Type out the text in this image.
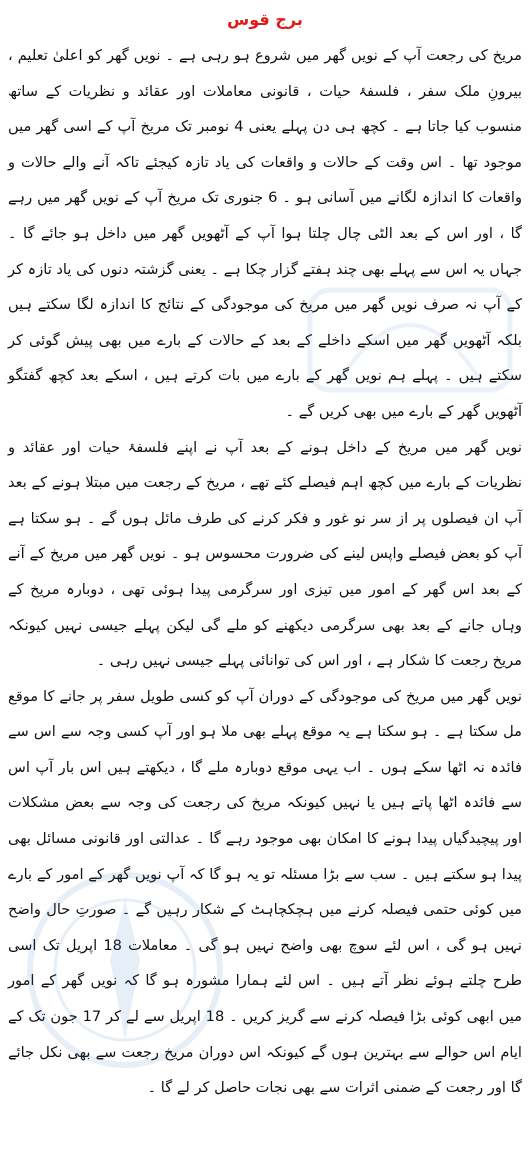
برج قوس

مریخ کی رجعت آپ کے نویں گھر میں شروع ہو رہی ہے ۔ نویں گھر کو اعلیٰ تعلیم ، بیرونِ ملک سفر ، فلسفۂ حیات ، قانونی معاملات اور عقائد و نظریات کے ساتھ منسوب کیا جاتا ہے ۔ کچھ ہی دن پہلے یعنی 4 نومبر تک مریخ آپ کے اسی گھر میں موجود تھا ۔ اس وقت کے حالات و واقعات کی یاد تازہ کیجئے تاکہ آنے والے حالات و واقعات کا اندازہ لگانے میں آسانی ہو ۔ 6 جنوری تک مریخ آپ کے نویں گھر میں رہے گا ، اور اس کے بعد الٹی چال چلتا ہوا آپ کے آٹھویں گھر میں داخل ہو جائے گا ۔ جہاں یہ اس سے پہلے بھی چند ہفتے گزار چکا ہے ۔ یعنی گزشتہ دنوں کی یاد تازہ کر کے آپ نہ صرف نویں گھر میں مریخ کی موجودگی کے نتائج کا اندازہ لگا سکتے ہیں بلکہ آٹھویں گھر میں اسکے داخلے کے بعد کے حالات کے بارے میں بھی پیش گوئی کر سکتے ہیں ۔ پہلے ہم نویں گھر کے بارے میں بات کرتے ہیں ، اسکے بعد کچھ گفتگو آٹھویں گھر کے بارے میں بھی کریں گے ۔

نویں گھر میں مریخ کے داخل ہونے کے بعد آپ نے اپنے فلسفۂ حیات اور عقائد و نظریات کے بارے میں کچھ اہم فیصلے کئے تھے ، مریخ کے رجعت میں مبتلا ہونے کے بعد آپ ان فیصلوں پر از سر نو غور و فکر کرنے کی طرف مائل ہوں گے ۔ ہو سکتا ہے آپ کو بعض فیصلے واپس لینے کی ضرورت محسوس ہو ۔ نویں گھر میں مریخ کے آنے کے بعد اس گھر کے امور میں تیزی اور سرگرمی پیدا ہوئی تھی ، دوبارہ مریخ کے وہاں جانے کے بعد بھی سرگرمی دیکھنے کو ملے گی لیکن پہلے جیسی نہیں کیونکہ مریخ رجعت کا شکار ہے ، اور اس کی توانائی پہلے جیسی نہیں رہی ۔

نویں گھر میں مریخ کی موجودگی کے دوران آپ کو کسی طویل سفر پر جانے کا موقع مل سکتا ہے ۔ ہو سکتا ہے یہ موقع پہلے بھی ملا ہو اور آپ کسی وجہ سے اس سے فائدہ نہ اٹھا سکے ہوں ۔ اب یہی موقع دوبارہ ملے گا ، دیکھتے ہیں اس بار آپ اس سے فائدہ اٹھا پاتے ہیں یا نہیں کیونکہ مریخ کی رجعت کی وجہ سے بعض مشکلات اور پیچیدگیاں پیدا ہونے کا امکان بھی موجود رہے گا ۔ عدالتی اور قانونی مسائل بھی پیدا ہو سکتے ہیں ۔ سب سے بڑا مسئلہ تو یہ ہو گا کہ آپ نویں گھر کے امور کے بارے میں کوئی حتمی فیصلہ کرنے میں ہچکچاہٹ کے شکار رہیں گے ۔ صورتِ حال واضح نہیں ہو گی ، اس لئے سوچ بھی واضح نہیں ہو گی ۔ معاملات 18 اپریل تک اسی طرح چلتے ہوئے نظر آتے ہیں ۔ اس لئے ہمارا مشورہ ہو گا کہ نویں گھر کے امور میں ابھی کوئی بڑا فیصلہ کرنے سے گریز کریں ۔ 18 اپریل سے لے کر 17 جون تک کے ایام اس حوالے سے بہترین ہوں گے کیونکہ اس دوران مریخ رجعت سے بھی نکل جائے گا اور رجعت کے ضمنی اثرات سے بھی نجات حاصل کر لے گا ۔
